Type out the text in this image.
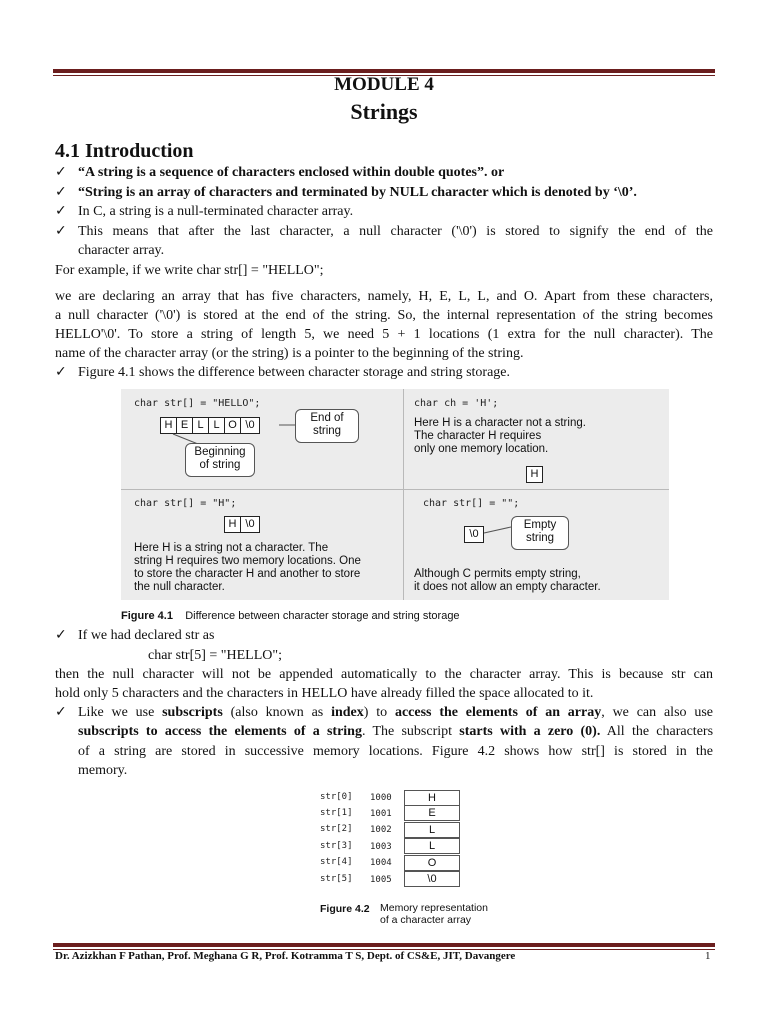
MODULE 4
Strings
4.1 Introduction
✓ “A string is a sequence of characters enclosed within double quotes”. or
✓ “String is an array of characters and terminated by NULL character which is denoted by ‘\0’.
✓ In C, a string is a null-terminated character array.
✓ This means that after the last character, a null character ('\0') is stored to signify the end of the
character array.
For example, if we write char str[] = "HELLO";
we are declaring an array that has five characters, namely, H, E, L, L, and O. Apart from these characters,
a null character ('\0') is stored at the end of the string. So, the internal representation of the string becomes
HELLO'\0'. To store a string of length 5, we need 5 + 1 locations (1 extra for the null character). The
name of the character array (or the string) is a pointer to the beginning of the string.
✓ Figure 4.1 shows the difference between character storage and string storage.
char str[] = "HELLO";
H E L L O \0
End of
string
Beginning
of string
char ch = 'H';
Here H is a character not a string.
The character H requires
only one memory location.
H
char str[] = "H";
H \0
Here H is a string not a character. The
string H requires two memory locations. One
to store the character H and another to store
the null character.
char str[] = "";
\0
Empty
string
Although C permits empty string,
it does not allow an empty character.
Figure 4.1 Difference between character storage and string storage
✓ If we had declared str as
char str[5] = "HELLO";
then the null character will not be appended automatically to the character array. This is because str can
hold only 5 characters and the characters in HELLO have already filled the space allocated to it.
✓ Like we use subscripts (also known as index) to access the elements of an array, we can also use
subscripts to access the elements of a string. The subscript starts with a zero (0). All the characters
of a string are stored in successive memory locations. Figure 4.2 shows how str[] is stored in the
memory.
str[0] 1000	H
str[1] 1001	E
str[2] 1002	L
str[3] 1003	L
str[4] 1004	O
str[5] 1005	\0
Figure 4.2 Memory representation
of a character array
Dr. Azizkhan F Pathan, Prof. Meghana G R, Prof. Kotramma T S, Dept. of CS&E, JIT, Davangere	1
